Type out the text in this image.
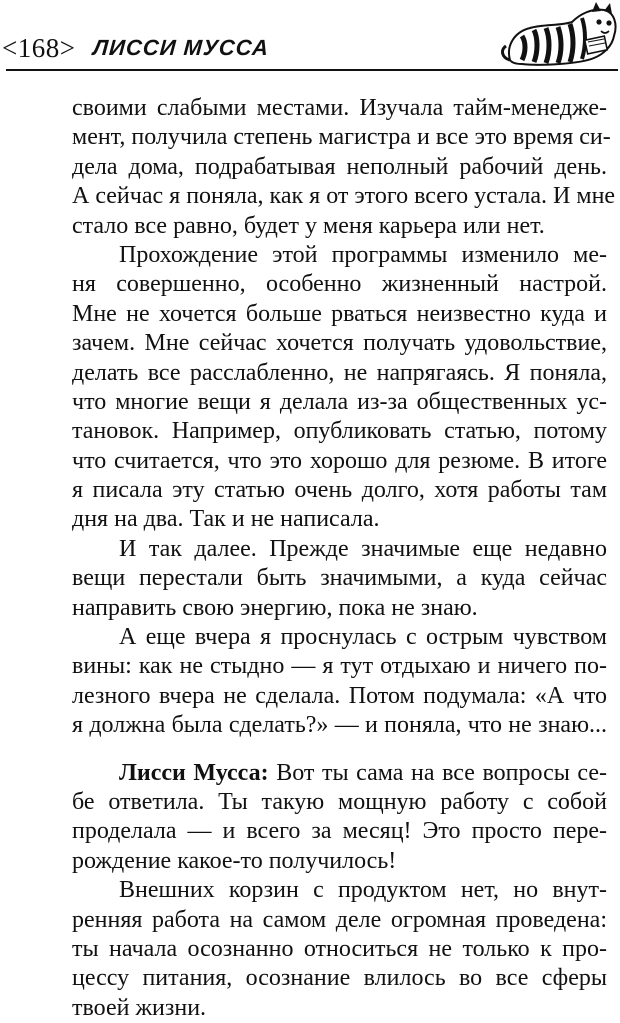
<168> ЛИССИ МУССА
своими слабыми местами. Изучала тайм-менедже-
мент, получила степень магистра и все это время си-
дела дома, подрабатывая неполный рабочий день.
А сейчас я поняла, как я от этого всего устала. И мне
стало все равно, будет у меня карьера или нет.
Прохождение этой программы изменило ме-
ня совершенно, особенно жизненный настрой.
Мне не хочется больше рваться неизвестно куда и
зачем. Мне сейчас хочется получать удовольствие,
делать все расслабленно, не напрягаясь. Я поняла,
что многие вещи я делала из-за общественных ус-
тановок. Например, опубликовать статью, потому
что считается, что это хорошо для резюме. В итоге
я писала эту статью очень долго, хотя работы там
дня на два. Так и не написала.
И так далее. Прежде значимые еще недавно
вещи перестали быть значимыми, а куда сейчас
направить свою энергию, пока не знаю.
А еще вчера я проснулась с острым чувством
вины: как не стыдно — я тут отдыхаю и ничего по-
лезного вчера не сделала. Потом подумала: «А что
я должна была сделать?» — и поняла, что не знаю...
Лисси Мусса: Вот ты сама на все вопросы се-
бе ответила. Ты такую мощную работу с собой
проделала — и всего за месяц! Это просто пере-
рождение какое-то получилось!
Внешних корзин с продуктом нет, но внут-
ренняя работа на самом деле огромная проведена:
ты начала осознанно относиться не только к про-
цессу питания, осознание влилось во все сферы
твоей жизни.
